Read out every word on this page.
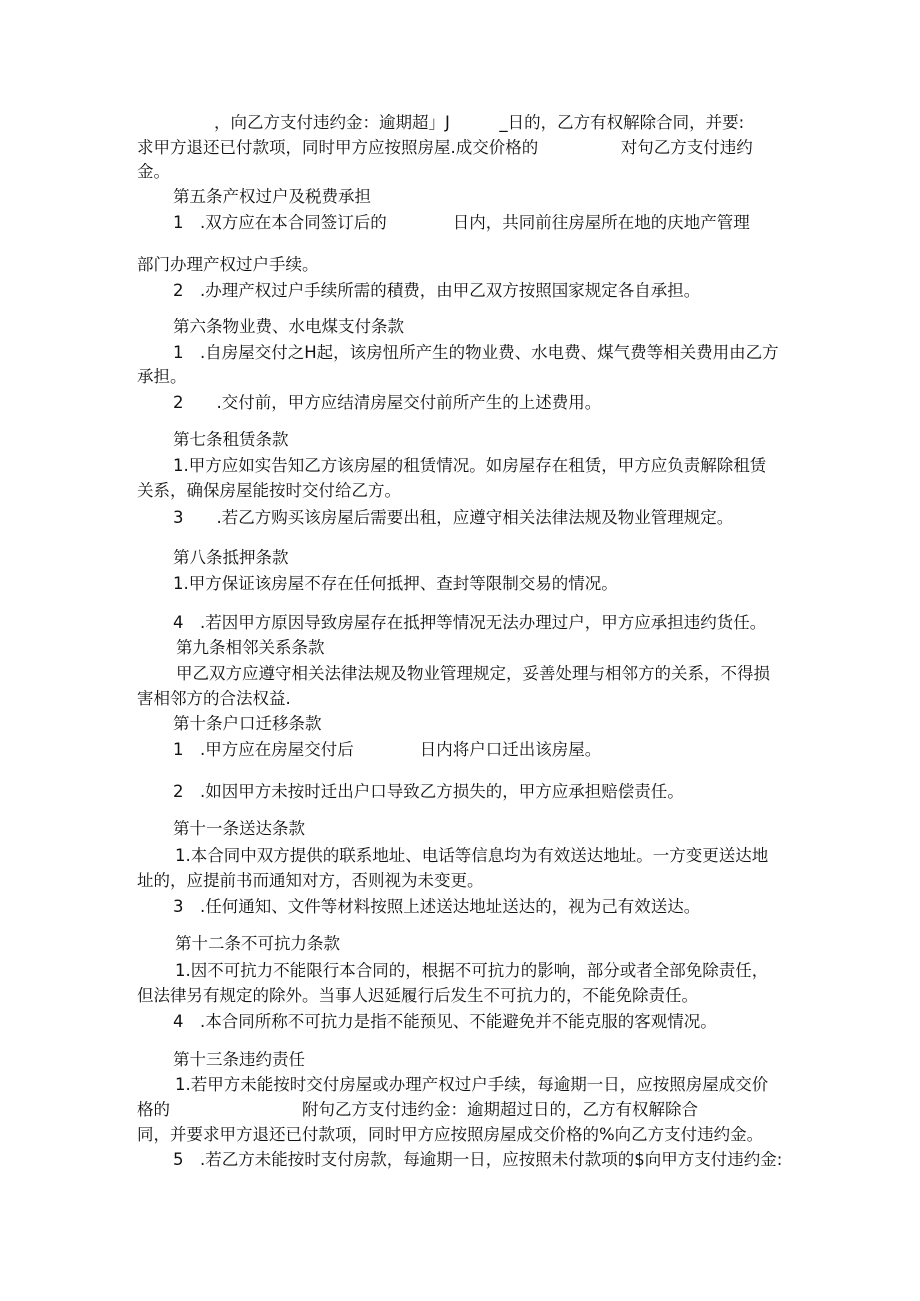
，向乙方支付违约金：逾期超」J　　　_日的，乙方有权解除合同，并要:
求甲方退还已付款项，同时甲方应按照房屋.成交价格的　　　　　对句乙方支付违约
金。
第五条产权过户及税费承担
1　.双方应在本合同签订后的　　　　日内，共同前往房屋所在地的庆地产管理
部门办理产权过户手续。
2　.办理产权过户手续所需的積费，由甲乙双方按照国家规定各自承担。
第六条物业费、水电煤支付条款
1　.自房屋交付之H起，该房忸所产生的物业费、水电费、煤气费等相关费用由乙方
承担。
2　　.交付前，甲方应结清房屋交付前所产生的上述费用。
第七条租赁条款
1.甲方应如实告知乙方该房屋的租赁情况。如房屋存在租赁，甲方应负责解除租赁
关系，确保房屋能按时交付给乙方。
3　　.若乙方购买该房屋后需要出租，应遵守相关法律法规及物业管理规定。
第八条抵押条款
1.甲方保证该房屋不存在任何抵押、查封等限制交易的情况。
4　.若因甲方原因导致房屋存在抵押等情况无法办理过户，甲方应承担违约货任。
第九条相邻关系条款
甲乙双方应遵守相关法律法规及物业管理规定，妥善处理与相邻方的关系，不得损
害相邻方的合法权益.
第十条户口迁移条款
1　.甲方应在房屋交付后　　　　日内将户口迁出该房屋。
2　.如因甲方未按时迁出户口导致乙方损失的，甲方应承担赔偿责任。
第十一条送达条款
1.本合同中双方提供的联系地址、电话等信息均为有效送达地址。一方变更送达地
址的，应提前书而通知对方，否则视为未变更。
3　.任何通知、文件等材料按照上述送达地址送达的，视为己有效送达。
第十二条不可抗力条款
1.因不可抗力不能限行本合同的，根据不可抗力的影响，部分或者全部免除责任，
但法律另有规定的除外。当事人迟延履行后发生不可抗力的，不能免除责任。
4　.本合同所称不可抗力是指不能预见、不能避免并不能克服的客观情况。
第十三条违约责任
1.若甲方未能按时交付房屋或办理产权过户手续，每逾期一日，应按照房屋成交价
格的　　　　　　　　附句乙方支付违约金：逾期超过日的，乙方有权解除合
同，并要求甲方退还已付款项，同时甲方应按照房屋成交价格的%向乙方支付违约金。
5　.若乙方未能按时支付房款，每逾期一日，应按照未付款项的$向甲方支付违约金:
